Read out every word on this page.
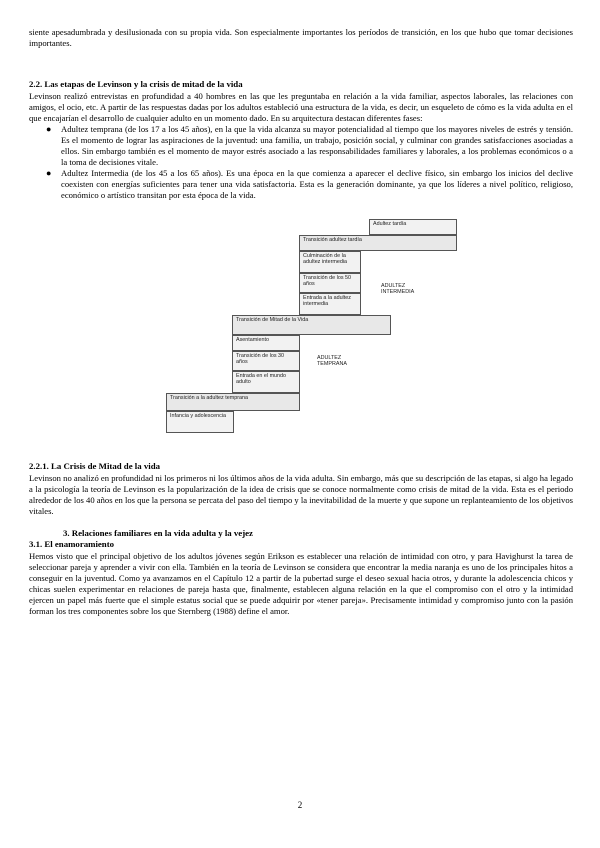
siente apesadumbrada y desilusionada con su propia vida. Son especialmente importantes los períodos de transición, en los que hubo que tomar decisiones importantes.

2.2. Las etapas de Levinson y la crisis de mitad de la vida

Levinson realizó entrevistas en profundidad a 40 hombres en las que les preguntaba en relación a la vida familiar, aspectos laborales, las relaciones con amigos, el ocio, etc. A partir de las respuestas dadas por los adultos estableció una estructura de la vida, es decir, un esqueleto de cómo es la vida adulta en el que encajarían el desarrollo de cualquier adulto en un momento dado. En su arquitectura destacan diferentes fases:

● Adultez temprana (de los 17 a los 45 años), en la que la vida alcanza su mayor potencialidad al tiempo que los mayores niveles de estrés y tensión. Es el momento de lograr las aspiraciones de la juventud: una familia, un trabajo, posición social, y culminar con grandes satisfacciones asociadas a ellos. Sin embargo también es el momento de mayor estrés asociado a las responsabilidades familiares y laborales, a los problemas económicos o a la toma de decisiones vitale.
● Adultez Intermedia (de los 45 a los 65 años). Es una época en la que comienza a aparecer el declive físico, sin embargo los inicios del declive coexisten con energías suficientes para tener una vida satisfactoria. Esta es la generación dominante, ya que los líderes a nivel político, religioso, económico o artístico transitan por esta época de la vida.
Adultez tardía
Transición adultez tardía
Culminación de la adultez intermedia
Transición de los 50 años
Entrada a la adultez intermedia
ADULTEZ INTERMEDIA
Transición de Mitad de la Vida
Asentamiento
Transición de los 30 años
Entrada en el mundo adulto
ADULTEZ TEMPRANA
Transición a la adultez temprana
Infancia y adolescencia
2.2.1. La Crisis de Mitad de la vida

Levinson no analizó en profundidad ni los primeros ni los últimos años de la vida adulta. Sin embargo, más que su descripción de las etapas, si algo ha legado a la psicología la teoría de Levinson es la popularización de la idea de crisis que se conoce normalmente como crisis de mitad de la vida. Esta es el periodo alrededor de los 40 años en los que la persona se percata del paso del tiempo y la inevitabilidad de la muerte y que supone un replanteamiento de los objetivos vitales.

3. Relaciones familiares en la vida adulta y la vejez
3.1. El enamoramiento

Hemos visto que el principal objetivo de los adultos jóvenes según Erikson es establecer una relación de intimidad con otro, y para Havighurst la tarea de seleccionar pareja y aprender a vivir con ella. También en la teoría de Levinson se considera que encontrar la media naranja es uno de los principales hitos a conseguir en la juventud. Como ya avanzamos en el Capítulo 12 a partir de la pubertad surge el deseo sexual hacia otros, y durante la adolescencia chicos y chicas suelen experimentar en relaciones de pareja hasta que, finalmente, establecen alguna relación en la que el compromiso con el otro y la intimidad ejercen un papel más fuerte que el simple estatus social que se puede adquirir por «tener pareja». Precisamente intimidad y compromiso junto con la pasión forman los tres componentes sobre los que Sternberg (1988) define el amor.

2
